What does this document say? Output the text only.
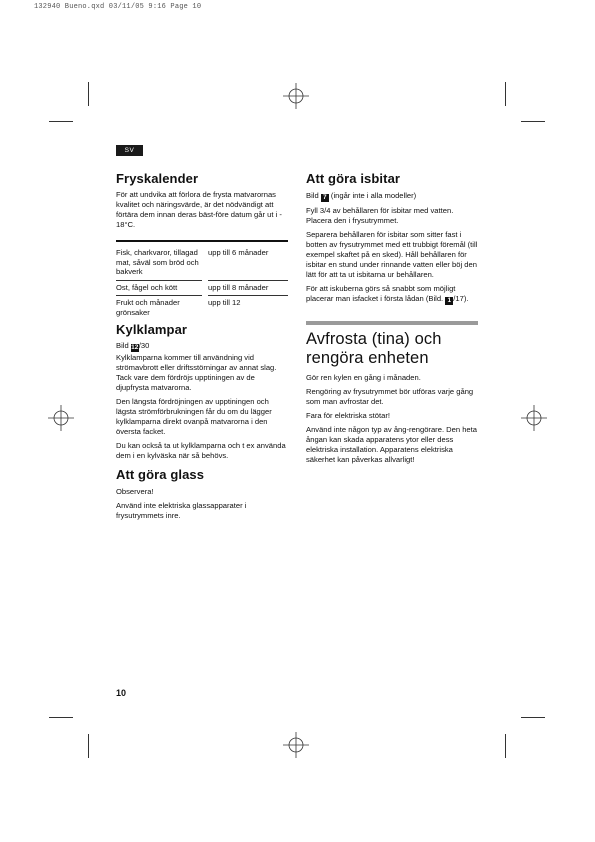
132940 Bueno.qxd 03/11/05 9:16 Page 10
SV
Fryskalender

För att undvika att förlora de frysta matvarornas kvalitet och näringsvärde, är det nödvändigt att förtära dem innan deras bäst-före datum går ut i - 18°C.

Fisk, charkvaror, tillagad mat, såväl som bröd och bakverk	upp till 6 månader

Ost, fågel och kött	upp till 8 månader

Frukt och månader grönsaker	upp till 12
Kylklampar

Bild 12/30

Kylklamparna kommer till användning vid strömavbrott eller driftsstörningar av annat slag. Tack vare dem fördröjs upptiningen av de djupfrysta matvarorna.

Den längsta fördröjningen av upptiningen och lägsta strömförbrukningen får du om du lägger kylklamparna direkt ovanpå matvarorna i den översta facket.

Du kan också ta ut kylklamparna och t ex använda dem i en kylväska när så behövs.

Att göra glass

Observera!

Använd inte elektriska glassapparater i frysutrymmets inre.

Att göra isbitar

Bild 7 (ingår inte i alla modeller)

Fyll 3/4 av behållaren för isbitar med vatten. Placera den i frysutrymmet.

Separera behållaren för isbitar som sitter fast i botten av frysutrymmet med ett trubbigt föremål (till exempel skaftet på en sked). Håll behållaren för isbitar en stund under rinnande vatten eller böj den lätt för att ta ut isbitarna ur behållaren.

För att iskuberna görs så snabbt som möjligt placerar man isfacket i första lådan (Bild. 1 /17).

Avfrosta (tina) och
rengöra enheten

Gör ren kylen en gång i månaden.

Rengöring av frysutrymmet bör utföras varje gång som man avfrostar det.

Fara för elektriska stötar!

Använd inte någon typ av ång-rengörare. Den heta ångan kan skada apparatens ytor eller dess elektriska installation. Apparatens elektriska säkerhet kan påverkas allvarligt!

10
